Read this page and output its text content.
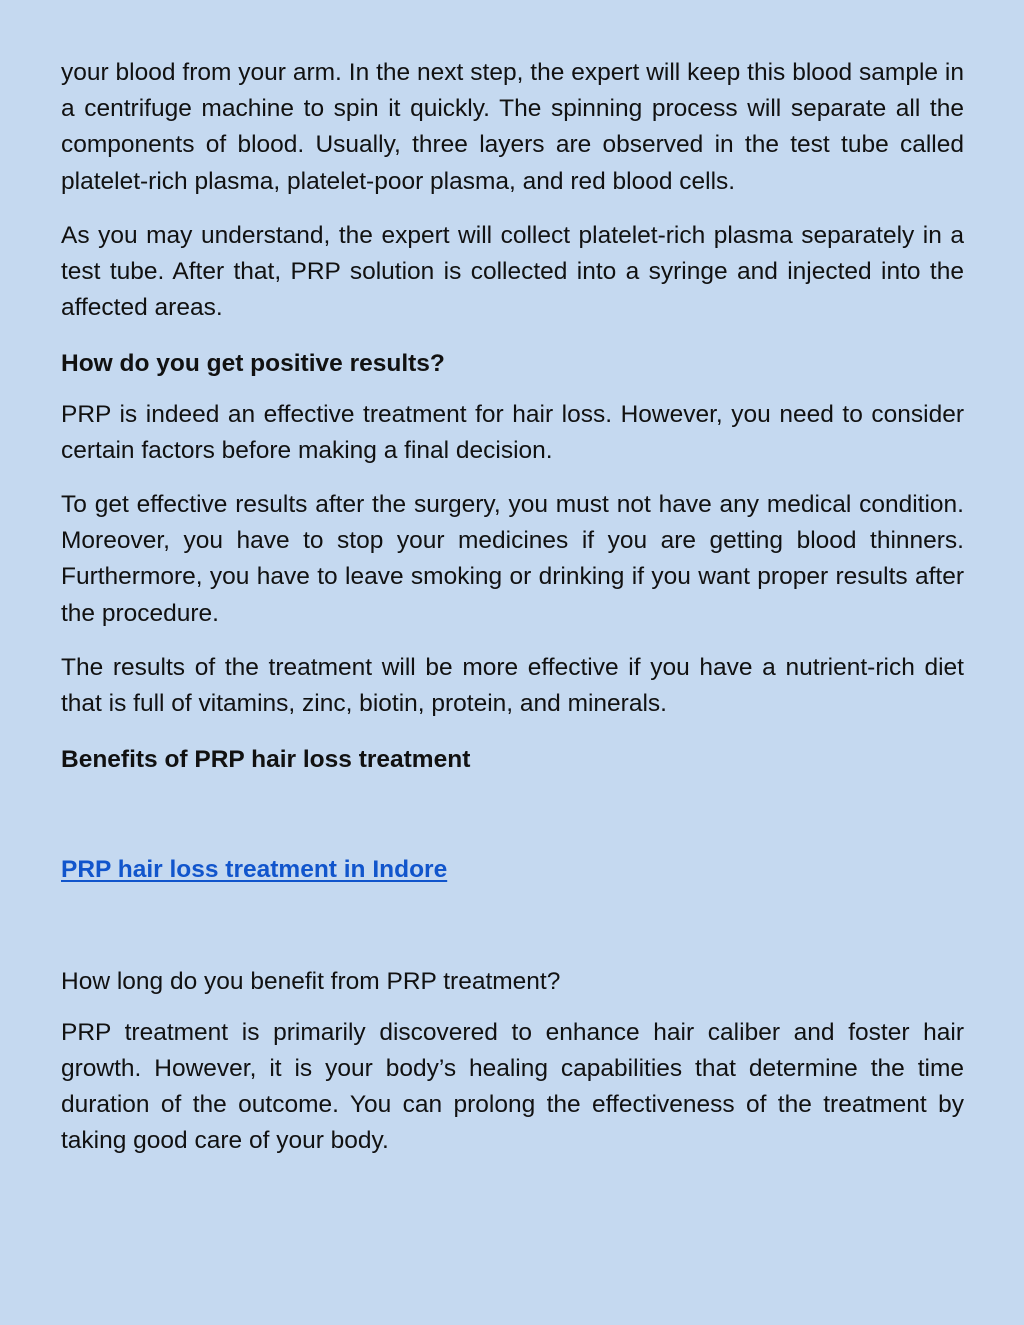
your blood from your arm. In the next step, the expert will keep this blood sample in a centrifuge machine to spin it quickly. The spinning process will separate all the components of blood. Usually, three layers are observed in the test tube called platelet-rich plasma, platelet-poor plasma, and red blood cells.

As you may understand, the expert will collect platelet-rich plasma separately in a test tube. After that, PRP solution is collected into a syringe and injected into the affected areas.

How do you get positive results?

PRP is indeed an effective treatment for hair loss. However, you need to consider certain factors before making a final decision.

To get effective results after the surgery, you must not have any medical condition. Moreover, you have to stop your medicines if you are getting blood thinners. Furthermore, you have to leave smoking or drinking if you want proper results after the procedure.

The results of the treatment will be more effective if you have a nutrient-rich diet that is full of vitamins, zinc, biotin, protein, and minerals.

Benefits of PRP hair loss treatment

PRP hair loss treatment in Indore

How long do you benefit from PRP treatment?

PRP treatment is primarily discovered to enhance hair caliber and foster hair growth. However, it is your body’s healing capabilities that determine the time duration of the outcome. You can prolong the effectiveness of the treatment by taking good care of your body.
